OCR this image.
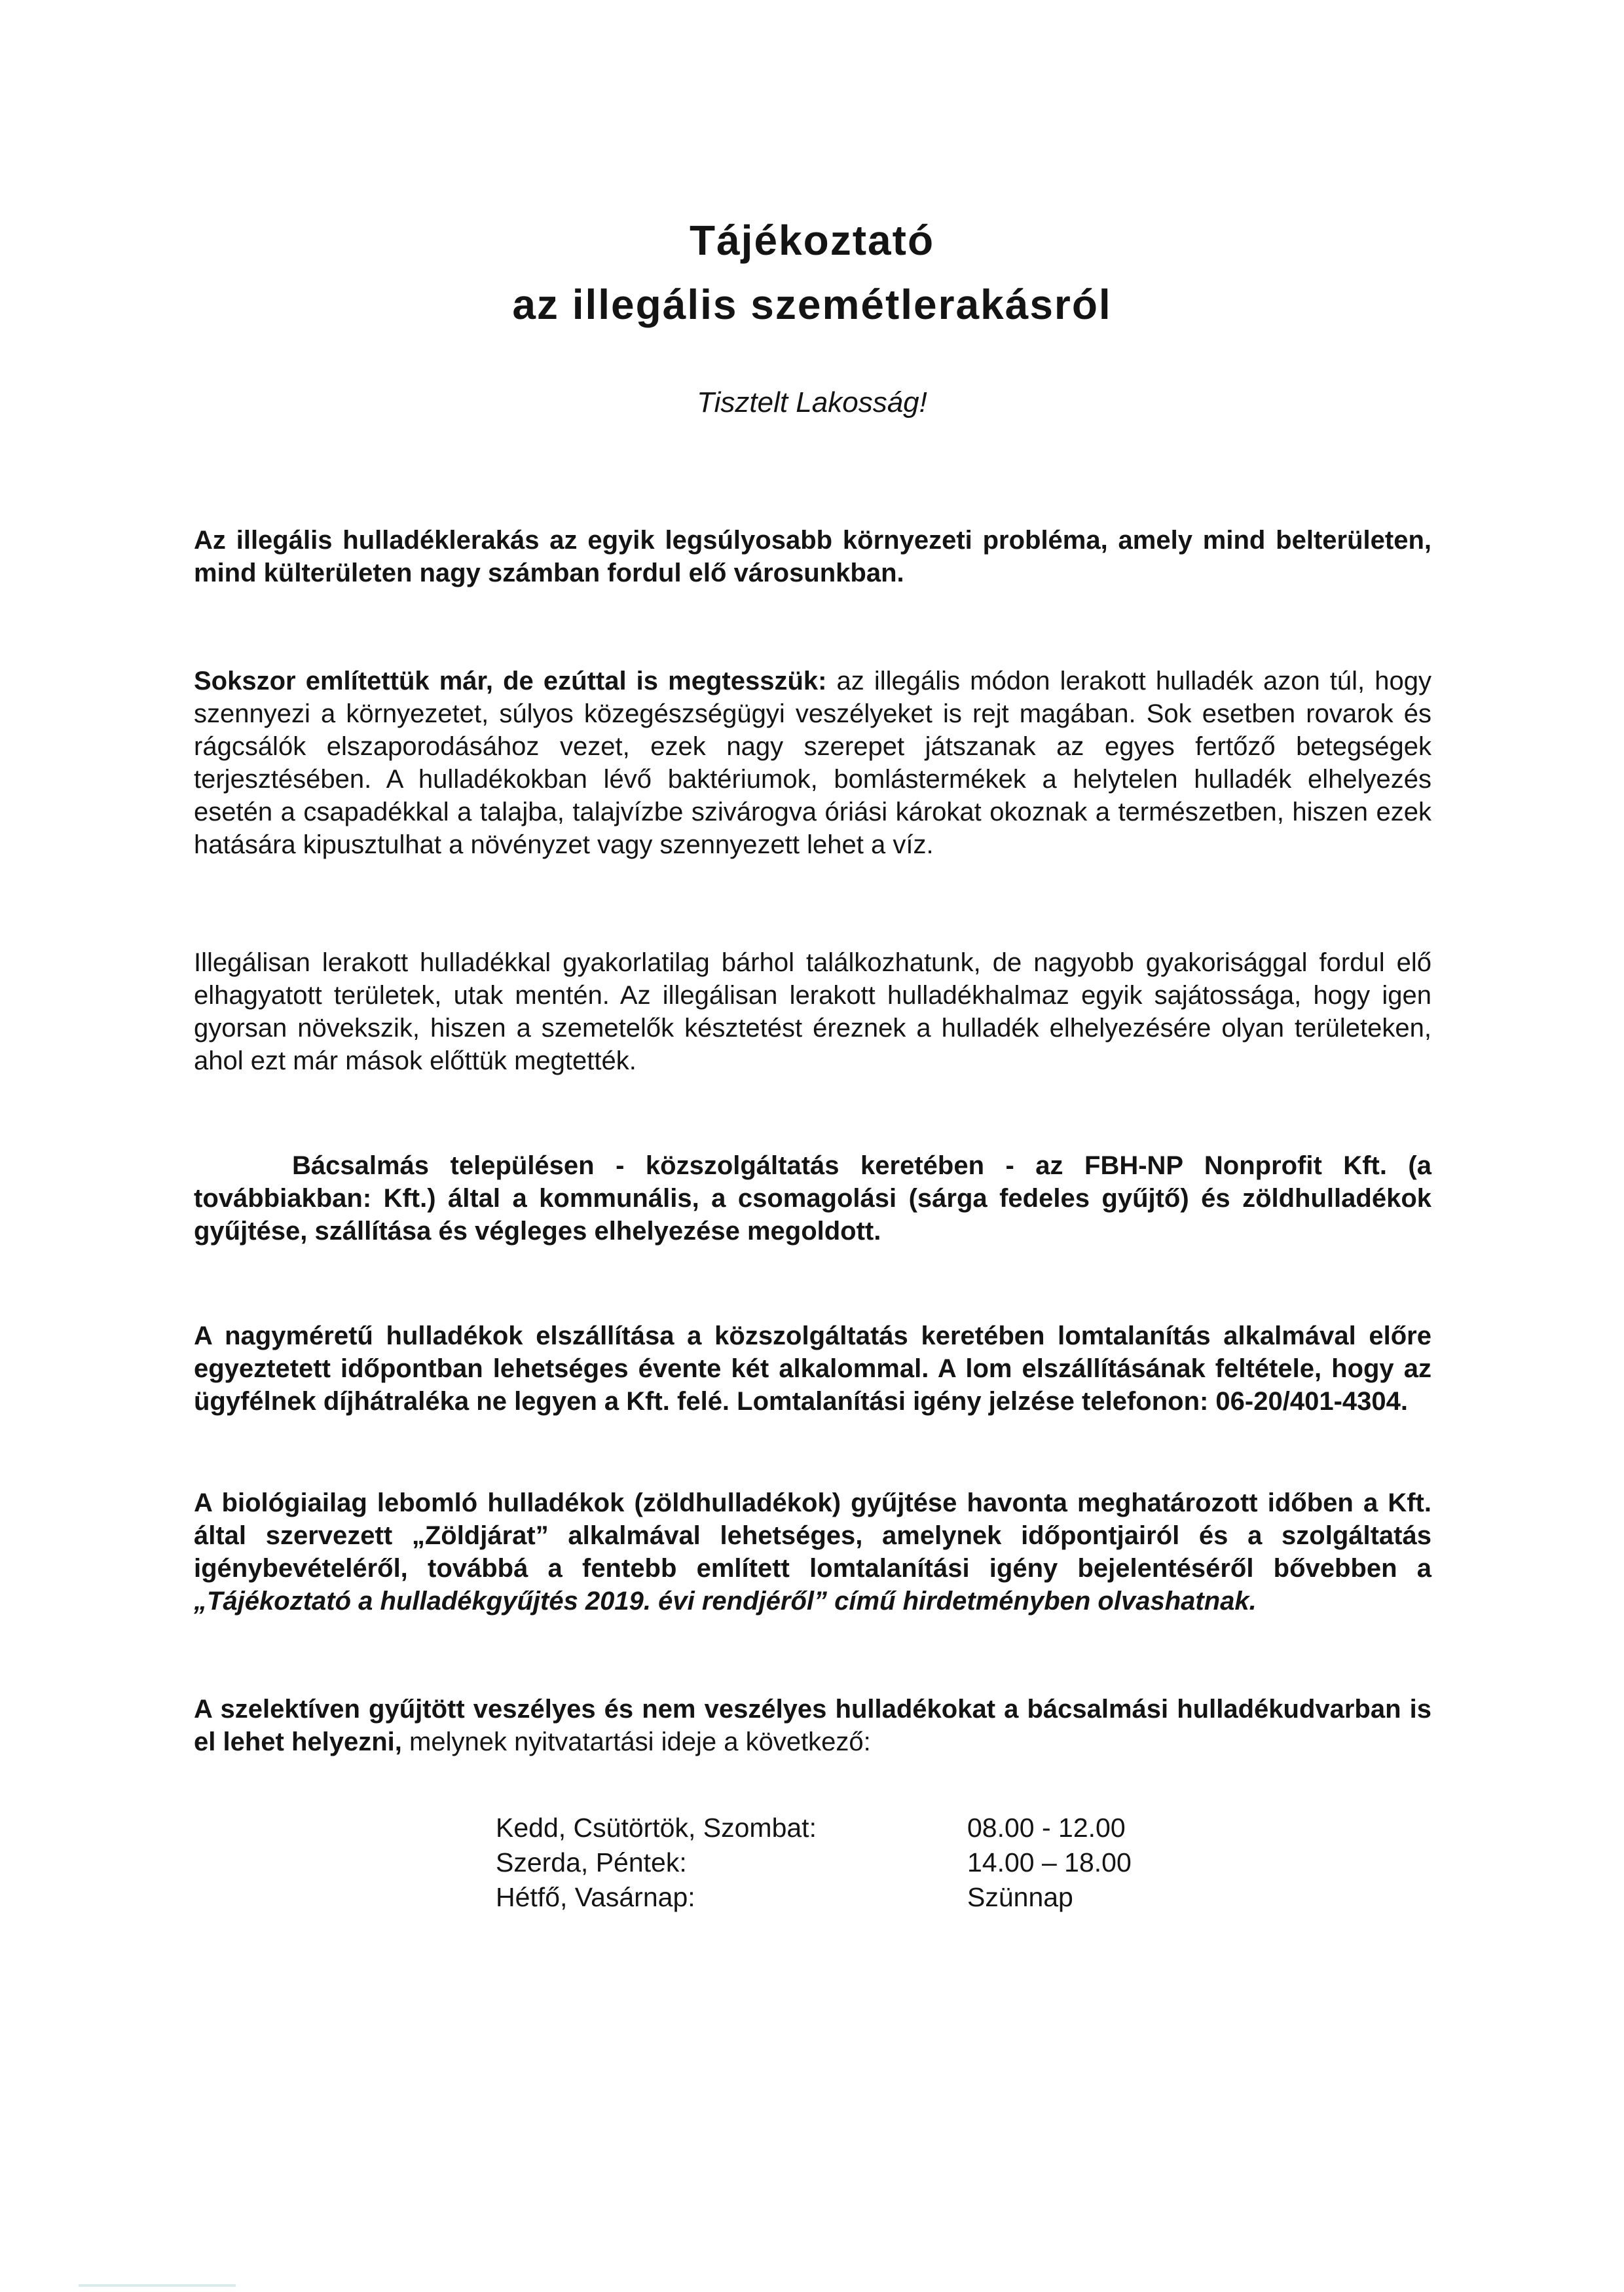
Tájékoztató
az illegális szemétlerakásról
Tisztelt Lakosság!

Az illegális hulladéklerakás az egyik legsúlyosabb környezeti probléma, amely mind belterületen, mind külterületen nagy számban fordul elő városunkban.

Sokszor említettük már, de ezúttal is megtesszük: az illegális módon lerakott hulladék azon túl, hogy szennyezi a környezetet, súlyos közegészségügyi veszélyeket is rejt magában. Sok esetben rovarok és rágcsálók elszaporodásához vezet, ezek nagy szerepet játszanak az egyes fertőző betegségek terjesztésében. A hulladékokban lévő baktériumok, bomlástermékek a helytelen hulladék elhelyezés esetén a csapadékkal a talajba, talajvízbe szivárogva óriási károkat okoznak a természetben, hiszen ezek hatására kipusztulhat a növényzet vagy szennyezett lehet a víz.

Illegálisan lerakott hulladékkal gyakorlatilag bárhol találkozhatunk, de nagyobb gyakorisággal fordul elő elhagyatott területek, utak mentén. Az illegálisan lerakott hulladékhalmaz egyik sajátossága, hogy igen gyorsan növekszik, hiszen a szemetelők késztetést éreznek a hulladék elhelyezésére olyan területeken, ahol ezt már mások előttük megtették.

Bácsalmás településen - közszolgáltatás keretében - az FBH-NP Nonprofit Kft. (a továbbiakban: Kft.) által a kommunális, a csomagolási (sárga fedeles gyűjtő) és zöldhulladékok gyűjtése, szállítása és végleges elhelyezése megoldott.

A nagyméretű hulladékok elszállítása a közszolgáltatás keretében lomtalanítás alkalmával előre egyeztetett időpontban lehetséges évente két alkalommal. A lom elszállításának feltétele, hogy az ügyfélnek díjhátraléka ne legyen a Kft. felé. Lomtalanítási igény jelzése telefonon: 06-20/401-4304.

A biológiailag lebomló hulladékok (zöldhulladékok) gyűjtése havonta meghatározott időben a Kft. által szervezett „Zöldjárat” alkalmával lehetséges, amelynek időpontjairól és a szolgáltatás igénybevételéről, továbbá a fentebb említett lomtalanítási igény bejelentéséről bővebben a „Tájékoztató a hulladékgyűjtés 2019. évi rendjéről” című hirdetményben olvashatnak.

A szelektíven gyűjtött veszélyes és nem veszélyes hulladékokat a bácsalmási hulladékudvarban is el lehet helyezni, melynek nyitvatartási ideje a következő:

Kedd, Csütörtök, Szombat:	08.00 - 12.00
Szerda, Péntek:	14.00 – 18.00
Hétfő, Vasárnap:	Szünnap
